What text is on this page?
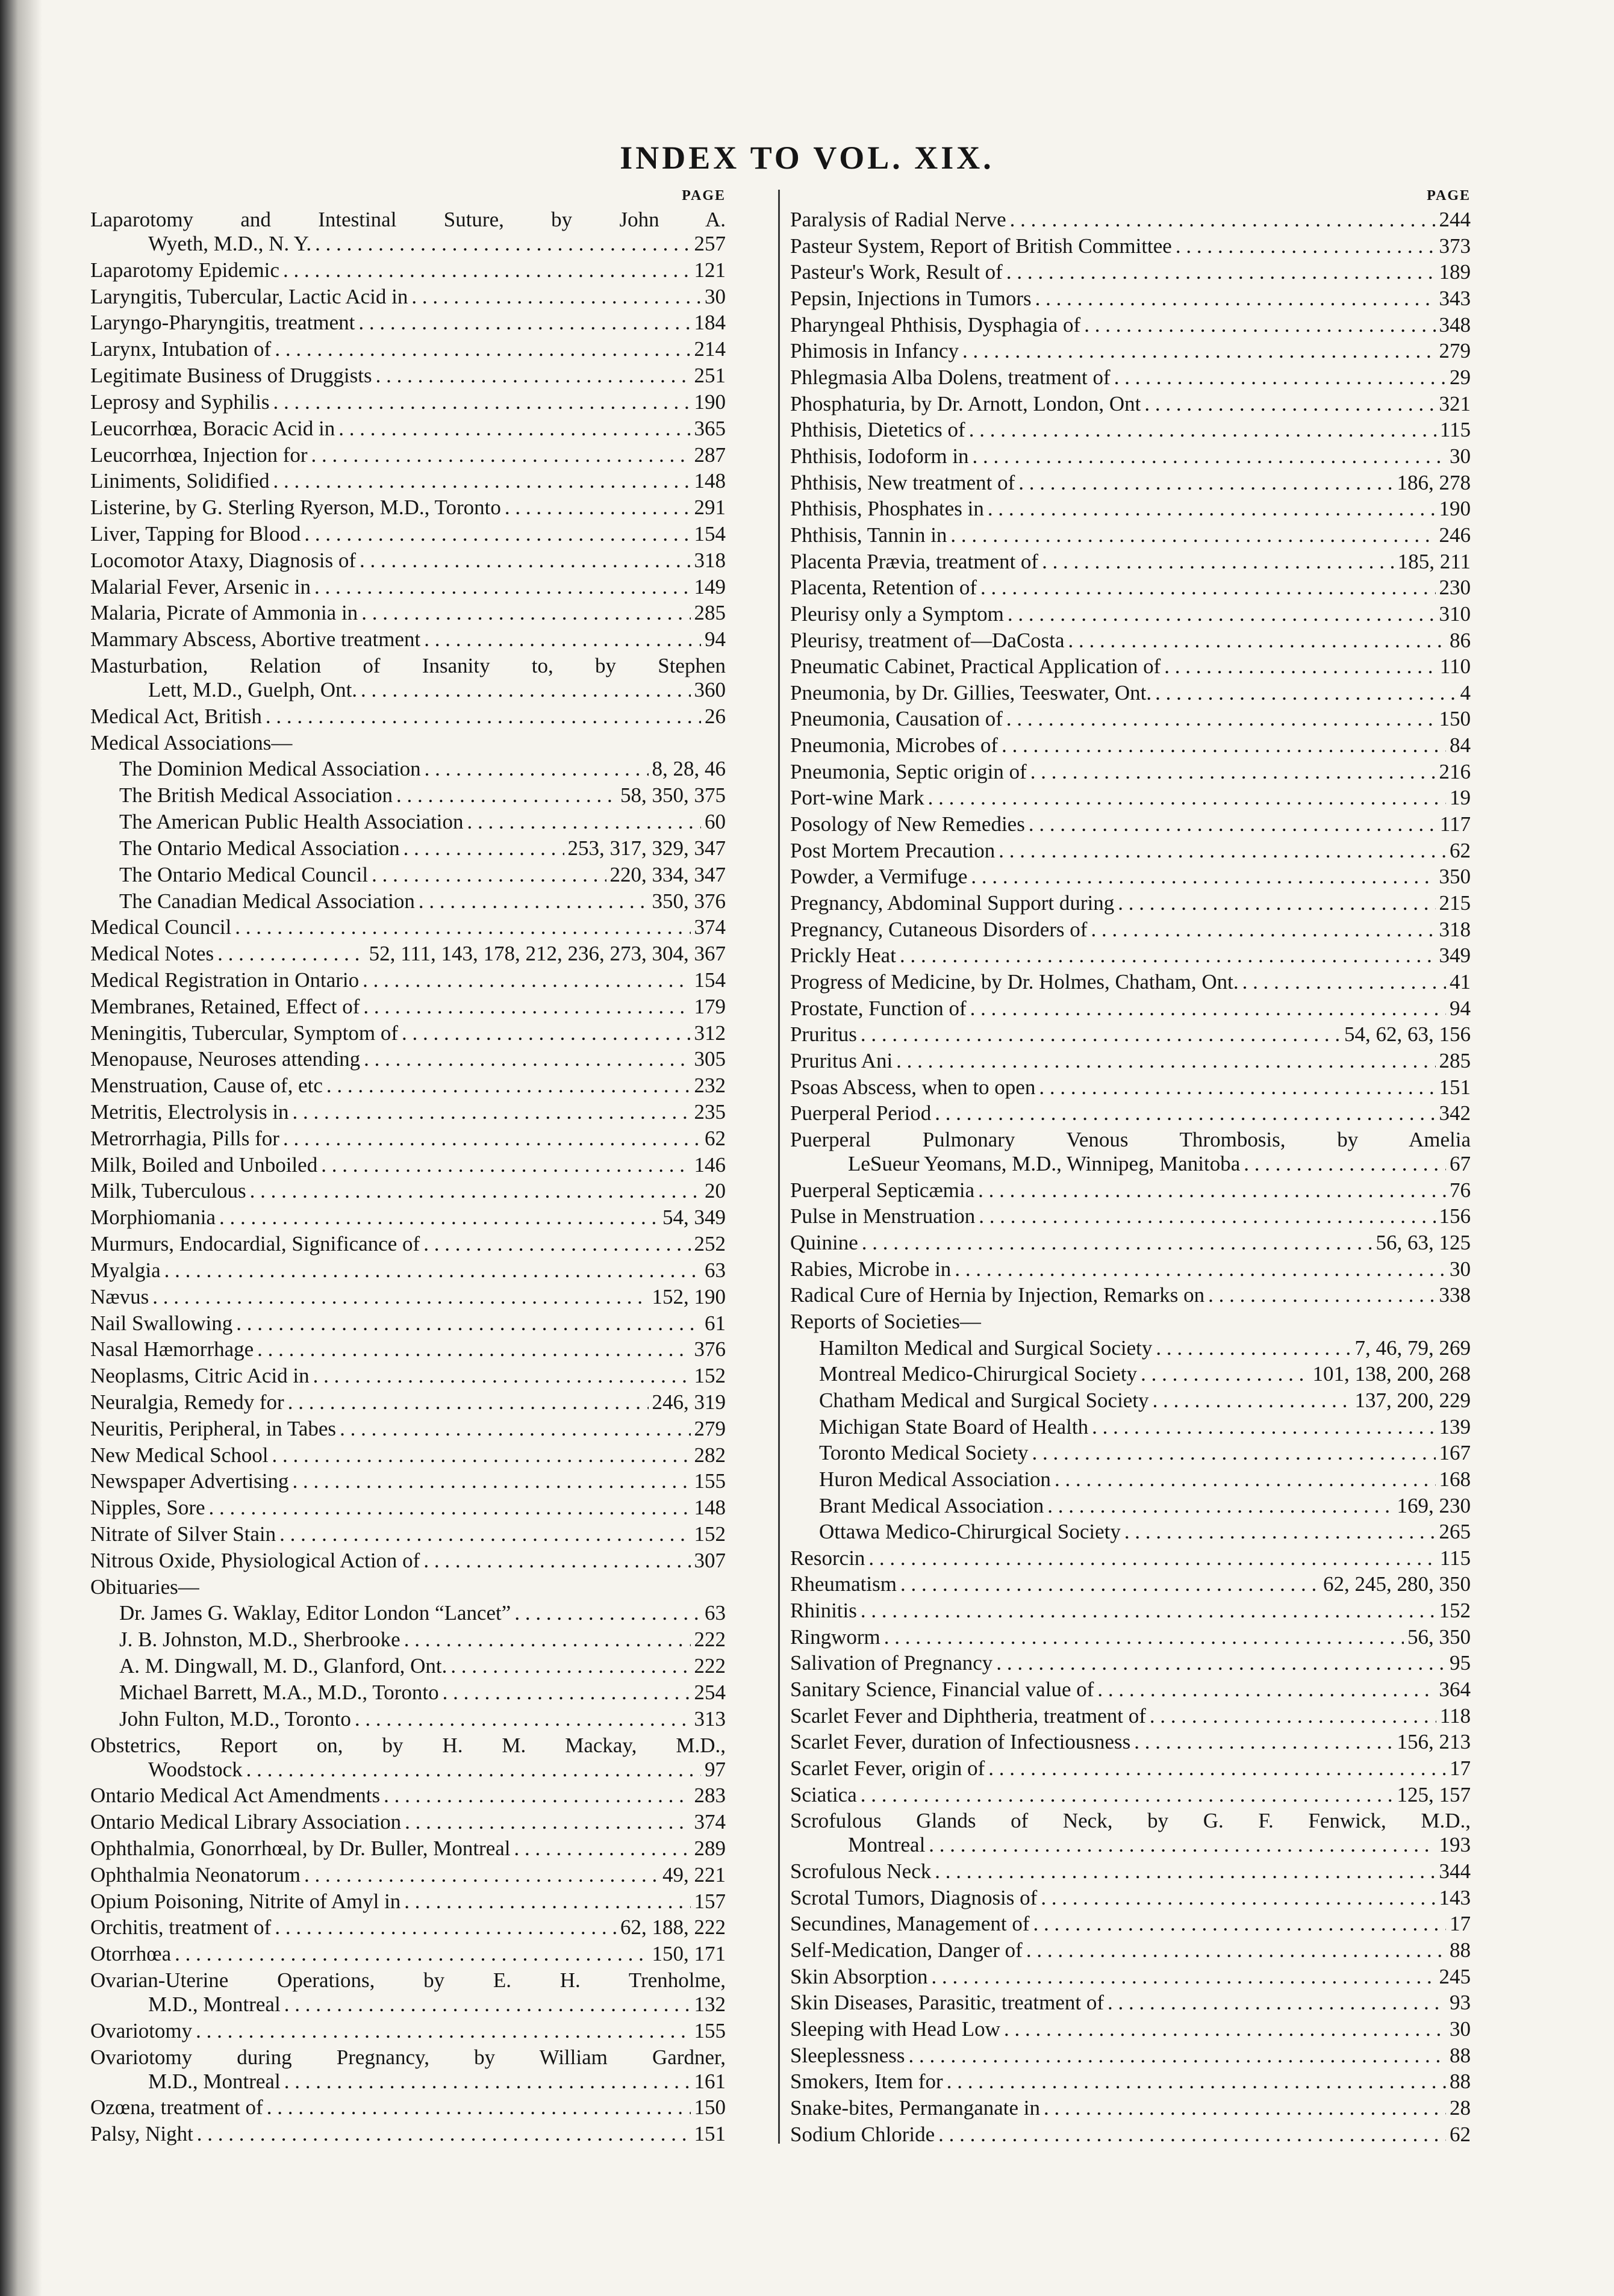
INDEX TO VOL. XIX.
PAGE
Laparotomy and Intestinal Suture, by John A.
Wyeth, M.D., N. Y. . . .	257
Laparotomy Epidemic . . .	121
Laryngitis, Tubercular, Lactic Acid in . . .	30
Laryngo-Pharyngitis, treatment . . .	184
Larynx, Intubation of . . .	214
Legitimate Business of Druggists . . .	251
Leprosy and Syphilis . . .	190
Leucorrhœa, Boracic Acid in . . .	365
Leucorrhœa, Injection for . . .	287
Liniments, Solidified . . .	148
Listerine, by G. Sterling Ryerson, M.D., Toronto . . .	291
Liver, Tapping for Blood . . .	154
Locomotor Ataxy, Diagnosis of . . .	318
Malarial Fever, Arsenic in . . .	149
Malaria, Picrate of Ammonia in . . .	285
Mammary Abscess, Abortive treatment . . .	94
Masturbation, Relation of Insanity to, by Stephen
Lett, M.D., Guelph, Ont. . . .	360
Medical Act, British . . .	26
Medical Associations—
The Dominion Medical Association . . .	8, 28, 46
The British Medical Association . . .	58, 350, 375
The American Public Health Association . . .	60
The Ontario Medical Association . . .	253, 317, 329, 347
The Ontario Medical Council . . .	220, 334, 347
The Canadian Medical Association . . .	350, 376
Medical Council . . .	374
Medical Notes . . .	52, 111, 143, 178, 212, 236, 273, 304, 367
Medical Registration in Ontario . . .	154
Membranes, Retained, Effect of . . .	179
Meningitis, Tubercular, Symptom of . . .	312
Menopause, Neuroses attending . . .	305
Menstruation, Cause of, etc . . .	232
Metritis, Electrolysis in . . .	235
Metrorrhagia, Pills for . . .	62
Milk, Boiled and Unboiled . . .	146
Milk, Tuberculous . . .	20
Morphiomania . . .	54, 349
Murmurs, Endocardial, Significance of . . .	252
Myalgia . . .	63
Nævus . . .	152, 190
Nail Swallowing . . .	61
Nasal Hæmorrhage . . .	376
Neoplasms, Citric Acid in . . .	152
Neuralgia, Remedy for . . .	246, 319
Neuritis, Peripheral, in Tabes . . .	279
New Medical School . . .	282
Newspaper Advertising . . .	155
Nipples, Sore . . .	148
Nitrate of Silver Stain . . .	152
Nitrous Oxide, Physiological Action of . . .	307
Obituaries—
Dr. James G. Waklay, Editor London “Lancet” . . .	63
J. B. Johnston, M.D., Sherbrooke . . .	222
A. M. Dingwall, M. D., Glanford, Ont. . . .	222
Michael Barrett, M.A., M.D., Toronto . . .	254
John Fulton, M.D., Toronto . . .	313
Obstetrics, Report on, by H. M. Mackay, M.D.,
Woodstock . . .	97
Ontario Medical Act Amendments . . .	283
Ontario Medical Library Association . . .	374
Ophthalmia, Gonorrhœal, by Dr. Buller, Montreal . . .	289
Ophthalmia Neonatorum . . .	49, 221
Opium Poisoning, Nitrite of Amyl in . . .	157
Orchitis, treatment of . . .	62, 188, 222
Otorrhœa . . .	150, 171
Ovarian-Uterine Operations, by E. H. Trenholme,
M.D., Montreal . . .	132
Ovariotomy . . .	155
Ovariotomy during Pregnancy, by William Gardner,
M.D., Montreal . . .	161
Ozœna, treatment of . . .	150
Palsy, Night . . .	151
PAGE
Paralysis of Radial Nerve . . .	244
Pasteur System, Report of British Committee . . .	373
Pasteur's Work, Result of . . .	189
Pepsin, Injections in Tumors . . .	343
Pharyngeal Phthisis, Dysphagia of . . .	348
Phimosis in Infancy . . .	279
Phlegmasia Alba Dolens, treatment of . . .	29
Phosphaturia, by Dr. Arnott, London, Ont . . .	321
Phthisis, Dietetics of . . .	115
Phthisis, Iodoform in . . .	30
Phthisis, New treatment of . . .	186, 278
Phthisis, Phosphates in . . .	190
Phthisis, Tannin in . . .	246
Placenta Prævia, treatment of . . .	185, 211
Placenta, Retention of . . .	230
Pleurisy only a Symptom . . .	310
Pleurisy, treatment of—DaCosta . . .	86
Pneumatic Cabinet, Practical Application of . . .	110
Pneumonia, by Dr. Gillies, Teeswater, Ont. . . .	4
Pneumonia, Causation of . . .	150
Pneumonia, Microbes of . . .	84
Pneumonia, Septic origin of . . .	216
Port-wine Mark . . .	19
Posology of New Remedies . . .	117
Post Mortem Precaution . . .	62
Powder, a Vermifuge . . .	350
Pregnancy, Abdominal Support during . . .	215
Pregnancy, Cutaneous Disorders of . . .	318
Prickly Heat . . .	349
Progress of Medicine, by Dr. Holmes, Chatham, Ont. . . .	41
Prostate, Function of . . .	94
Pruritus . . .	54, 62, 63, 156
Pruritus Ani . . .	285
Psoas Abscess, when to open . . .	151
Puerperal Period . . .	342
Puerperal Pulmonary Venous Thrombosis, by Amelia
LeSueur Yeomans, M.D., Winnipeg, Manitoba . . .	67
Puerperal Septicæmia . . .	76
Pulse in Menstruation . . .	156
Quinine . . .	56, 63, 125
Rabies, Microbe in . . .	30
Radical Cure of Hernia by Injection, Remarks on . . .	338
Reports of Societies—
Hamilton Medical and Surgical Society . . .	7, 46, 79, 269
Montreal Medico-Chirurgical Society . . .	101, 138, 200, 268
Chatham Medical and Surgical Society . . .	137, 200, 229
Michigan State Board of Health . . .	139
Toronto Medical Society . . .	167
Huron Medical Association . . .	168
Brant Medical Association . . .	169, 230
Ottawa Medico-Chirurgical Society . . .	265
Resorcin . . .	115
Rheumatism . . .	62, 245, 280, 350
Rhinitis . . .	152
Ringworm . . .	56, 350
Salivation of Pregnancy . . .	95
Sanitary Science, Financial value of . . .	364
Scarlet Fever and Diphtheria, treatment of . . .	118
Scarlet Fever, duration of Infectiousness . . .	156, 213
Scarlet Fever, origin of . . .	17
Sciatica . . .	125, 157
Scrofulous Glands of Neck, by G. F. Fenwick, M.D.,
Montreal . . .	193
Scrofulous Neck . . .	344
Scrotal Tumors, Diagnosis of . . .	143
Secundines, Management of . . .	17
Self-Medication, Danger of . . .	88
Skin Absorption . . .	245
Skin Diseases, Parasitic, treatment of . . .	93
Sleeping with Head Low . . .	30
Sleeplessness . . .	88
Smokers, Item for . . .	88
Snake-bites, Permanganate in . . .	28
Sodium Chloride . . .	62
